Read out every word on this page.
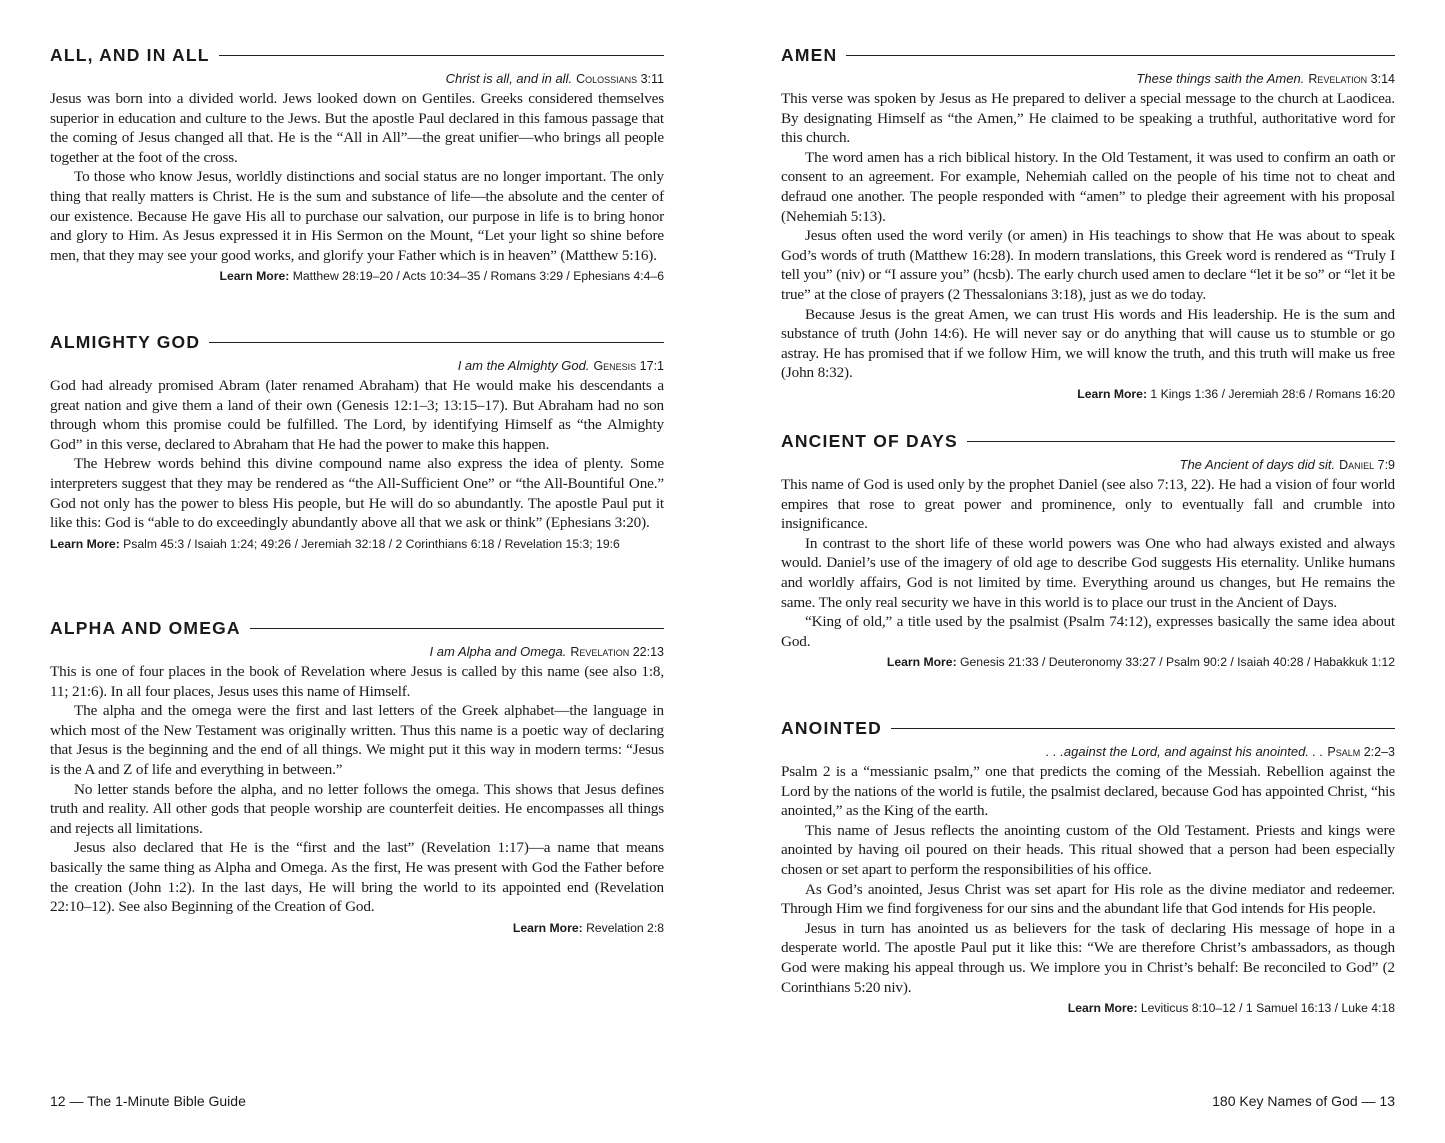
ALL, AND IN ALL
Christ is all, and in all. Colossians 3:11

Jesus was born into a divided world. Jews looked down on Gentiles. Greeks considered themselves superior in education and culture to the Jews. But the apostle Paul declared in this famous passage that the coming of Jesus changed all that. He is the “All in All”—the great unifier—who brings all people together at the foot of the cross.

To those who know Jesus, worldly distinctions and social status are no longer important. The only thing that really matters is Christ. He is the sum and substance of life—the absolute and the center of our existence. Because He gave His all to purchase our salvation, our purpose in life is to bring honor and glory to Him. As Jesus expressed it in His Sermon on the Mount, “Let your light so shine before men, that they may see your good works, and glorify your Father which is in heaven” (Matthew 5:16).

Learn More: Matthew 28:19–20 / Acts 10:34–35 / Romans 3:29 / Ephesians 4:4–6
ALMIGHTY GOD
I am the Almighty God. Genesis 17:1

God had already promised Abram (later renamed Abraham) that He would make his descendants a great nation and give them a land of their own (Genesis 12:1–3; 13:15–17). But Abraham had no son through whom this promise could be fulfilled. The Lord, by identifying Himself as “the Almighty God” in this verse, declared to Abraham that He had the power to make this happen.

The Hebrew words behind this divine compound name also express the idea of plenty. Some interpreters suggest that they may be rendered as “the All-Sufficient One” or “the All-Bountiful One.” God not only has the power to bless His people, but He will do so abundantly. The apostle Paul put it like this: God is “able to do exceedingly abundantly above all that we ask or think” (Ephesians 3:20).

Learn More: Psalm 45:3 / Isaiah 1:24; 49:26 / Jeremiah 32:18 / 2 Corinthians 6:18 / Revelation 15:3; 19:6
ALPHA AND OMEGA
I am Alpha and Omega. Revelation 22:13

This is one of four places in the book of Revelation where Jesus is called by this name (see also 1:8, 11; 21:6). In all four places, Jesus uses this name of Himself.

The alpha and the omega were the first and last letters of the Greek alphabet—the language in which most of the New Testament was originally written. Thus this name is a poetic way of declaring that Jesus is the beginning and the end of all things. We might put it this way in modern terms: “Jesus is the A and Z of life and everything in between.”

No letter stands before the alpha, and no letter follows the omega. This shows that Jesus defines truth and reality. All other gods that people worship are counterfeit deities. He encompasses all things and rejects all limitations.

Jesus also declared that He is the “first and the last” (Revelation 1:17)—a name that means basically the same thing as Alpha and Omega. As the first, He was present with God the Father before the creation (John 1:2). In the last days, He will bring the world to its appointed end (Revelation 22:10–12). See also Beginning of the Creation of God.

Learn More: Revelation 2:8
AMEN
These things saith the Amen. Revelation 3:14

This verse was spoken by Jesus as He prepared to deliver a special message to the church at Laodicea. By designating Himself as “the Amen,” He claimed to be speaking a truthful, authoritative word for this church.

The word amen has a rich biblical history. In the Old Testament, it was used to confirm an oath or consent to an agreement. For example, Nehemiah called on the people of his time not to cheat and defraud one another. The people responded with “amen” to pledge their agreement with his proposal (Nehemiah 5:13).

Jesus often used the word verily (or amen) in His teachings to show that He was about to speak God’s words of truth (Matthew 16:28). In modern translations, this Greek word is rendered as “Truly I tell you” (niv) or “I assure you” (hcsb). The early church used amen to declare “let it be so” or “let it be true” at the close of prayers (2 Thessalonians 3:18), just as we do today.

Because Jesus is the great Amen, we can trust His words and His leadership. He is the sum and substance of truth (John 14:6). He will never say or do anything that will cause us to stumble or go astray. He has promised that if we follow Him, we will know the truth, and this truth will make us free (John 8:32).

Learn More: 1 Kings 1:36 / Jeremiah 28:6 / Romans 16:20
ANCIENT OF DAYS
The Ancient of days did sit. Daniel 7:9

This name of God is used only by the prophet Daniel (see also 7:13, 22). He had a vision of four world empires that rose to great power and prominence, only to eventually fall and crumble into insignificance.

In contrast to the short life of these world powers was One who had always existed and always would. Daniel’s use of the imagery of old age to describe God suggests His eternality. Unlike humans and worldly affairs, God is not limited by time. Everything around us changes, but He remains the same. The only real security we have in this world is to place our trust in the Ancient of Days.

“King of old,” a title used by the psalmist (Psalm 74:12), expresses basically the same idea about God.

Learn More: Genesis 21:33 / Deuteronomy 33:27 / Psalm 90:2 / Isaiah 40:28 / Habakkuk 1:12
ANOINTED
. . .against the Lord, and against his anointed. . . Psalm 2:2–3

Psalm 2 is a “messianic psalm,” one that predicts the coming of the Messiah. Rebellion against the Lord by the nations of the world is futile, the psalmist declared, because God has appointed Christ, “his anointed,” as the King of the earth.

This name of Jesus reflects the anointing custom of the Old Testament. Priests and kings were anointed by having oil poured on their heads. This ritual showed that a person had been especially chosen or set apart to perform the responsibilities of his office.

As God’s anointed, Jesus Christ was set apart for His role as the divine mediator and redeemer. Through Him we find forgiveness for our sins and the abundant life that God intends for His people.

Jesus in turn has anointed us as believers for the task of declaring His message of hope in a desperate world. The apostle Paul put it like this: “We are therefore Christ’s ambassadors, as though God were making his appeal through us. We implore you in Christ’s behalf: Be reconciled to God” (2 Corinthians 5:20 niv).

Learn More: Leviticus 8:10–12 / 1 Samuel 16:13 / Luke 4:18
12 — The 1-Minute Bible Guide	180 Key Names of God — 13
